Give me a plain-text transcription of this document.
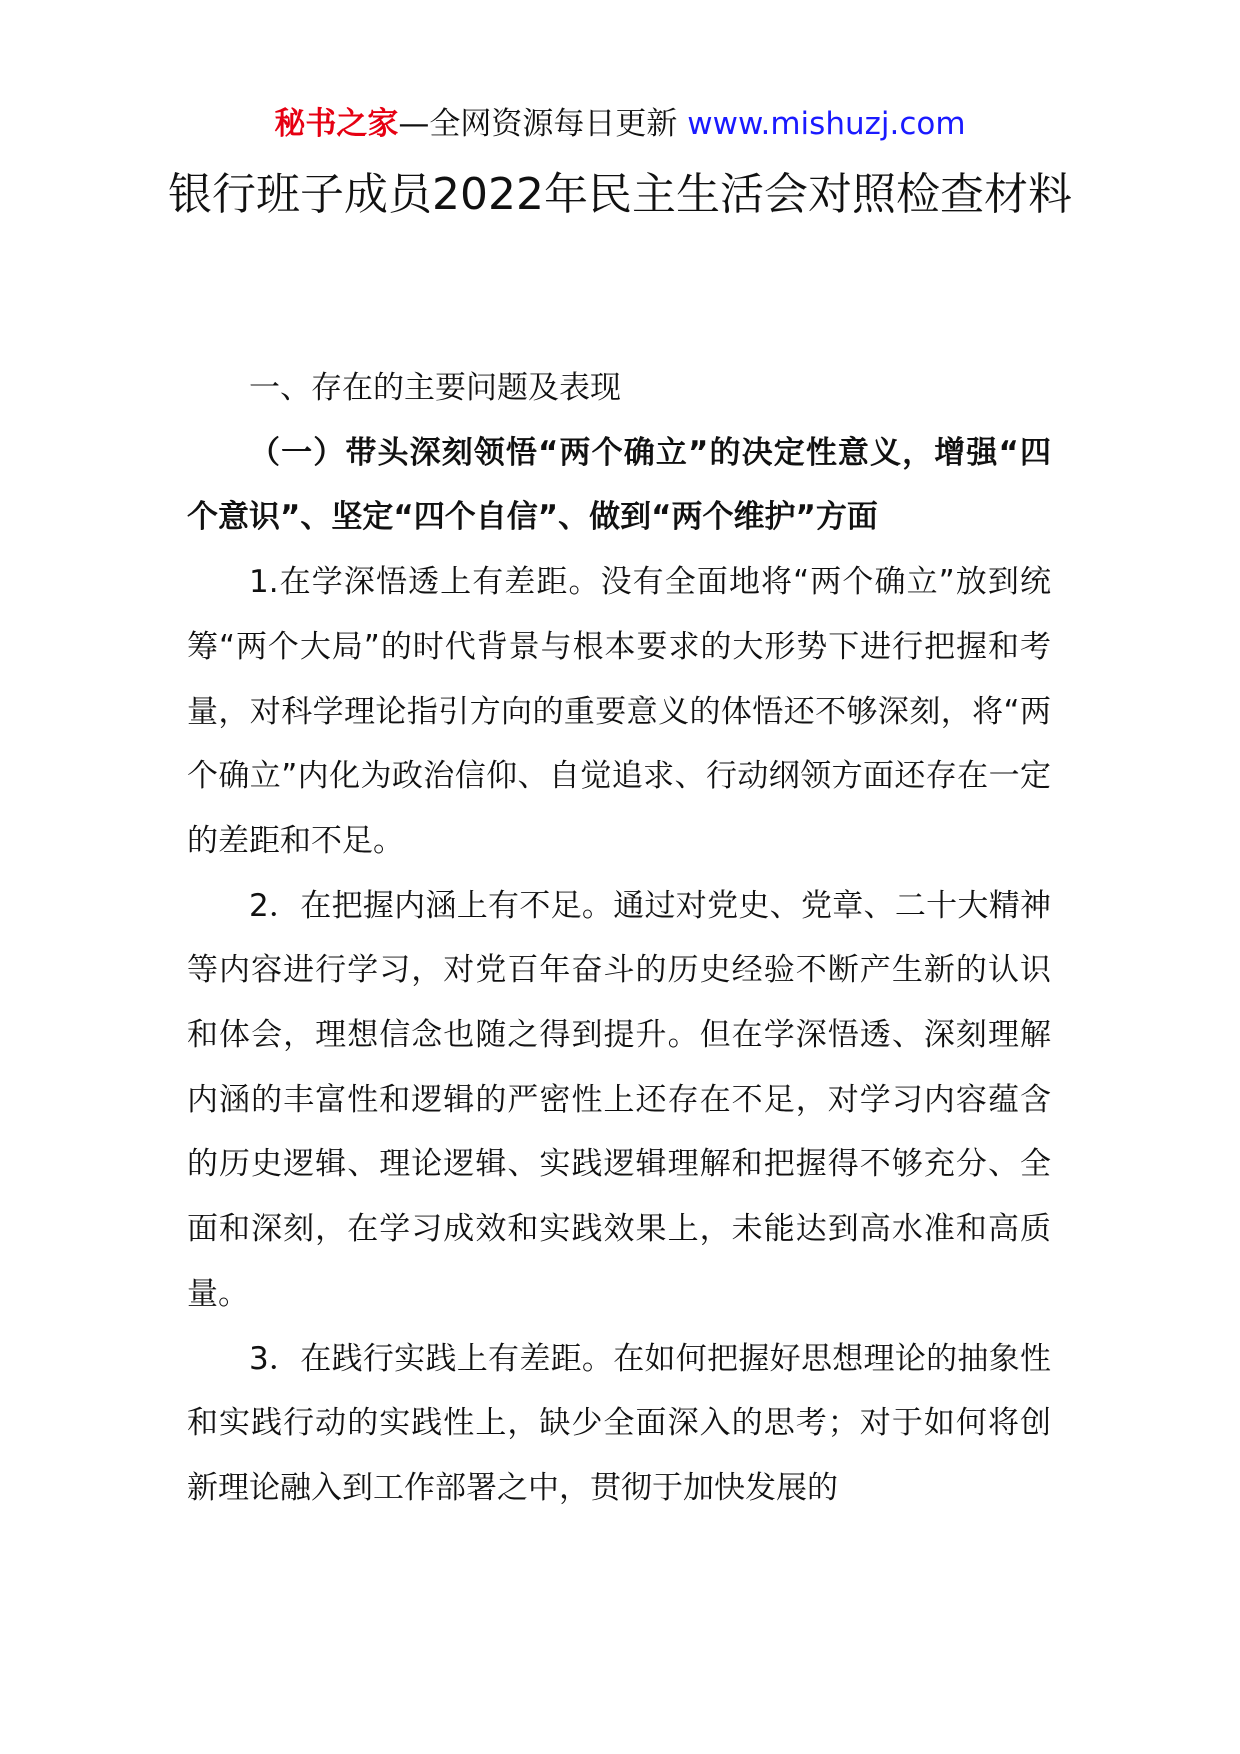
秘书之家—全网资源每日更新 www.mishuzj.com
银行班子成员2022年民主生活会对照检查材料

一、存在的主要问题及表现

（一）带头深刻领悟“两个确立”的决定性意义，增强“四个意识”、坚定“四个自信”、做到“两个维护”方面

1.在学深悟透上有差距。没有全面地将“两个确立”放到统筹“两个大局”的时代背景与根本要求的大形势下进行把握和考量，对科学理论指引方向的重要意义的体悟还不够深刻，将“两个确立”内化为政治信仰、自觉追求、行动纲领方面还存在一定的差距和不足。

2．在把握内涵上有不足。通过对党史、党章、二十大精神等内容进行学习，对党百年奋斗的历史经验不断产生新的认识和体会，理想信念也随之得到提升。但在学深悟透、深刻理解内涵的丰富性和逻辑的严密性上还存在不足，对学习内容蕴含的历史逻辑、理论逻辑、实践逻辑理解和把握得不够充分、全面和深刻，在学习成效和实践效果上，未能达到高水准和高质量。

3．在践行实践上有差距。在如何把握好思想理论的抽象性和实践行动的实践性上，缺少全面深入的思考；对于如何将创新理论融入到工作部署之中，贯彻于加快发展的
